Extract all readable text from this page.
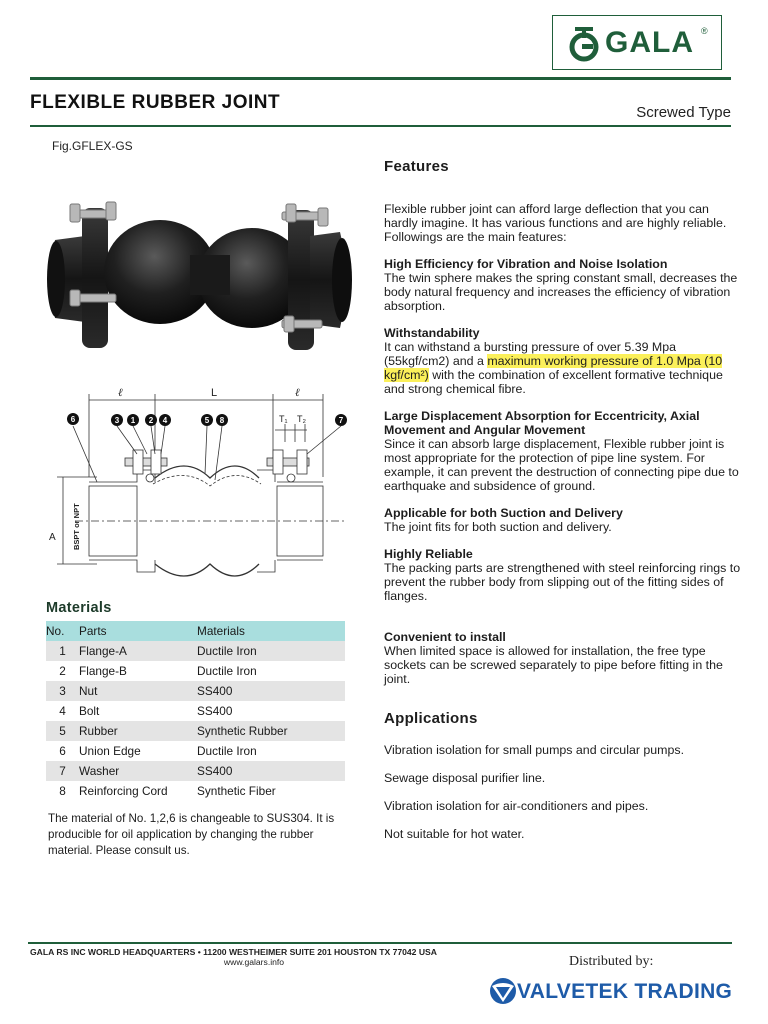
GALA ®
FLEXIBLE RUBBER JOINT	Screwed Type
Fig.GFLEX-GS
ℓ	L	ℓ
T₁ T₂
A BSPT or NPT
6	3 1 2 4	5 8	7
Features

Flexible rubber joint can afford large deflection that you can hardly imagine. It has various functions and are highly reliable. Followings are the main features:

High Efficiency for Vibration and Noise Isolation
The twin sphere makes the spring constant small, decreases the body natural frequency and increases the efficiency of vibration absorption.

Withstandability
It can withstand a bursting pressure of over 5.39 Mpa (55kgf/cm2) and a maximum working pressure of 1.0 Mpa (10 kgf/cm²) with the combination of excellent formative technique and strong chemical fibre.

Large Displacement Absorption for Eccentricity, Axial Movement and Angular Movement
Since it can absorb large displacement, Flexible rubber joint is most appropriate for the protection of pipe line system. For example, it can prevent the destruction of connecting pipe due to earthquake and subsidence of ground.

Applicable for both Suction and Delivery
The joint fits for both suction and delivery.

Highly Reliable
The packing parts are strengthened with steel reinforcing rings to prevent the rubber body from slipping out of the fitting sides of flanges.

Convenient to install
When limited space is allowed for installation, the free type sockets can be screwed separately to pipe before fitting in the joint.

Applications
Vibration isolation for small pumps and circular pumps.
Sewage disposal purifier line.
Vibration isolation for air-conditioners and pipes.
Not suitable for hot water.
Materials
No.	Parts	Materials
1	Flange-A	Ductile Iron
2	Flange-B	Ductile Iron
3	Nut	SS400
4	Bolt	SS400
5	Rubber	Synthetic Rubber
6	Union Edge	Ductile Iron
7	Washer	SS400
8	Reinforcing Cord	Synthetic Fiber
The material of No. 1,2,6 is changeable to SUS304. It is producible for oil application by changing the rubber material. Please consult us.
GALA RS INC WORLD HEADQUARTERS • 11200 WESTHEIMER SUITE 201 HOUSTON TX 77042 USA
www.galars.info	Distributed by:
VALVETEK TRADING
